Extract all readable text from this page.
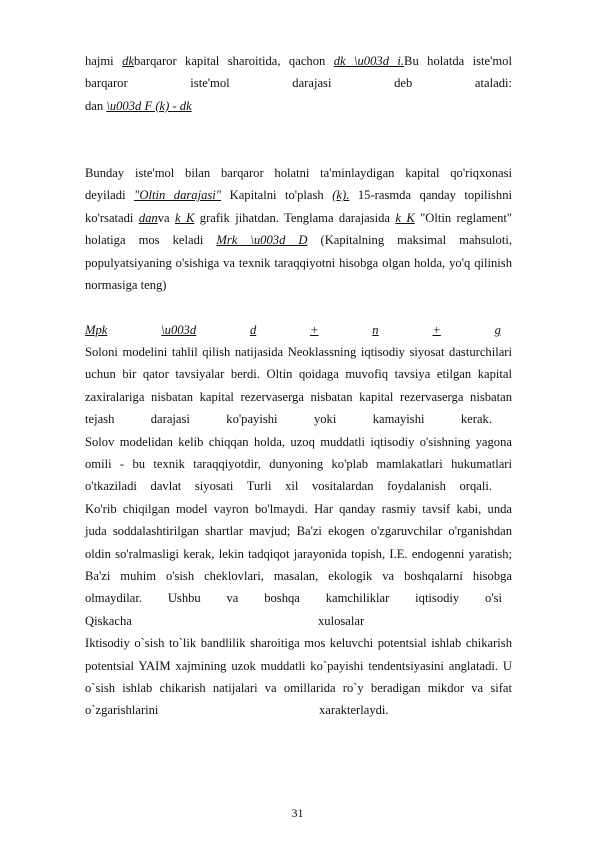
hajmi dkbarqaror kapital sharoitida, qachon dk \u003d i.Bu holatda iste'mol
barqaror iste'mol darajasi deb ataladi:
dan \u003d F (k) - dk
Bunday iste'mol bilan barqaror holatni ta'minlaydigan kapital qo'riqxonasi
deyiladi "Oltin darajasi" Kapitalni to'plash (k). 15-rasmda qanday topilishni
ko'rsatadi danva k K grafik jihatdan. Tenglama darajasida k K "Oltin reglament"
holatiga mos keladi Mrk \u003d D (Kapitalning maksimal mahsuloti,
populyatsiyaning o'sishiga va texnik taraqqiyotni hisobga olgan holda, yo'q qilinish
normasiga teng)
Mpk	\u003d	d	+	n	+	g
Soloni modelini tahlil qilish natijasida Neoklassning iqtisodiy siyosat dasturchilari
uchun bir qator tavsiyalar berdi. Oltin qoidaga muvofiq tavsiya etilgan kapital
zaxiralariga nisbatan kapital rezervaserga nisbatan kapital rezervaserga nisbatan
tejash darajasi ko'payishi yoki kamayishi kerak.
Solov modelidan kelib chiqqan holda, uzoq muddatli iqtisodiy o'sishning yagona
omili - bu texnik taraqqiyotdir, dunyoning ko'plab mamlakatlari hukumatlari
o'tkaziladi davlat siyosati Turli xil vositalardan foydalanish orqali.
Ko'rib chiqilgan model vayron bo'lmaydi. Har qanday rasmiy tavsif kabi, unda
juda soddalashtirilgan shartlar mavjud; Ba'zi ekogen o'zgaruvchilar o'rganishdan
oldin so'ralmasligi kerak, lekin tadqiqot jarayonida topish, I.E. endogenni yaratish;
Ba'zi muhim o'sish cheklovlari, masalan, ekologik va boshqalarni hisobga
olmaydilar. Ushbu va boshqa kamchiliklar iqtisodiy o'si
Qiskacha	xulosalar
Iktisodiy o`sish to`lik bandlilik sharoitiga mos keluvchi potentsial ishlab chikarish
potentsial YAIM xajmining uzok muddatli ko`payishi tendentsiyasini anglatadi. U
o`sish ishlab chikarish natijalari va omillarida ro`y beradigan mikdor va sifat
o`zgarishlarini	xarakterlaydi.
31
